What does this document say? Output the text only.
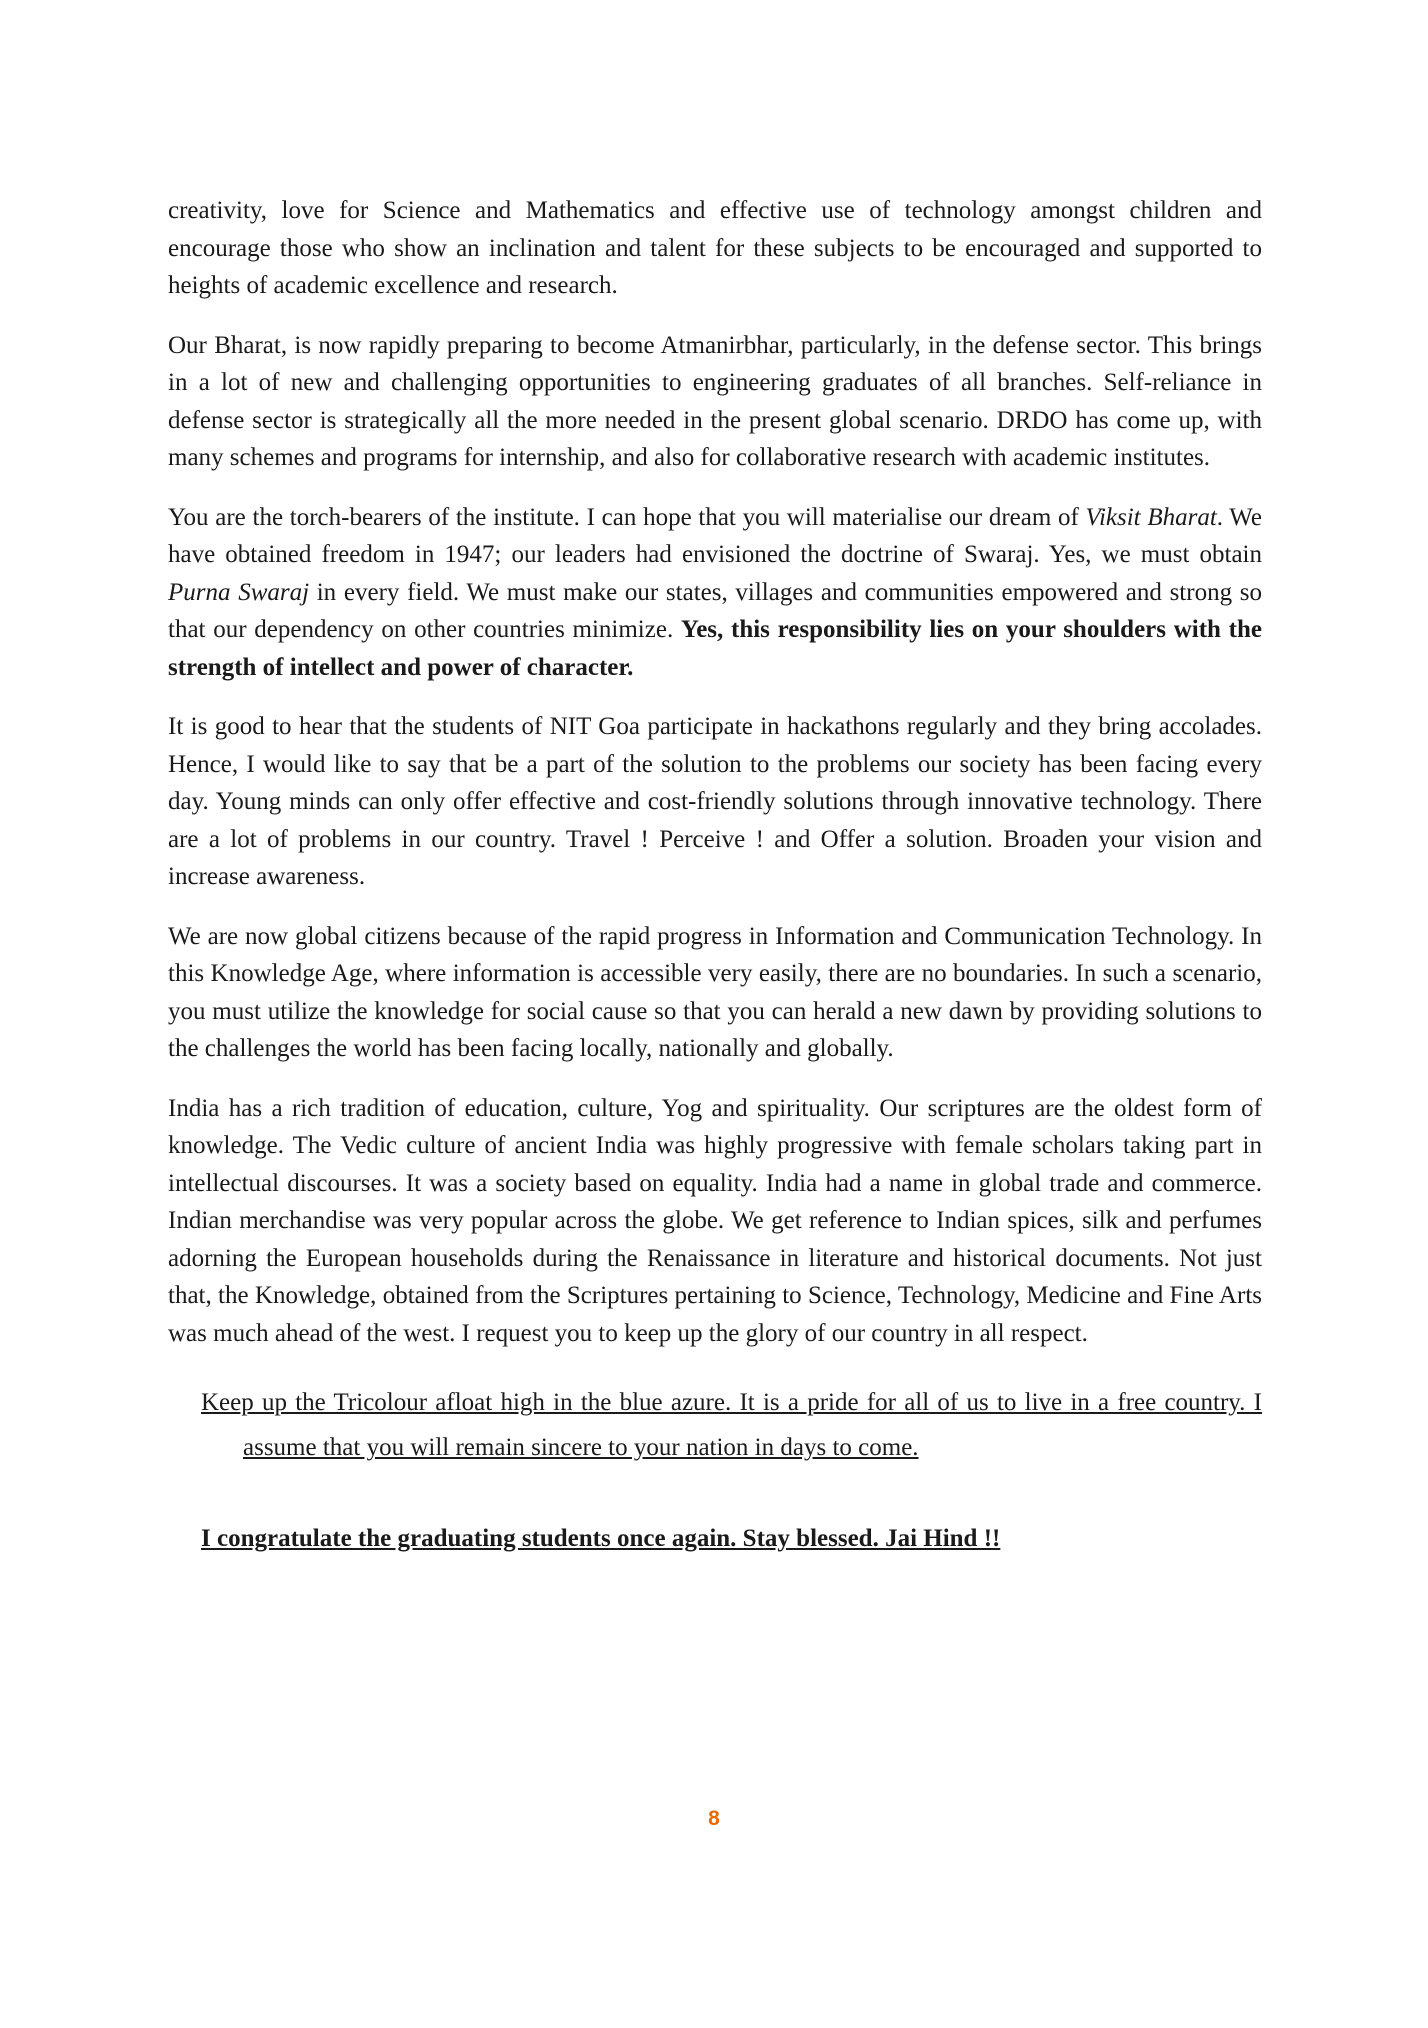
creativity, love for Science and Mathematics and effective use of technology amongst children and encourage those who show an inclination and talent for these subjects to be encouraged and supported to heights of academic excellence and research.

Our Bharat, is now rapidly preparing to become Atmanirbhar, particularly, in the defense sector. This brings in a lot of new and challenging opportunities to engineering graduates of all branches. Self-reliance in defense sector is strategically all the more needed in the present global scenario. DRDO has come up, with many schemes and programs for internship, and also for collaborative research with academic institutes.

You are the torch-bearers of the institute. I can hope that you will materialise our dream of Viksit Bharat. We have obtained freedom in 1947; our leaders had envisioned the doctrine of Swaraj. Yes, we must obtain Purna Swaraj in every field. We must make our states, villages and communities empowered and strong so that our dependency on other countries minimize. Yes, this responsibility lies on your shoulders with the strength of intellect and power of character.

It is good to hear that the students of NIT Goa participate in hackathons regularly and they bring accolades. Hence, I would like to say that be a part of the solution to the problems our society has been facing every day. Young minds can only offer effective and cost-friendly solutions through innovative technology. There are a lot of problems in our country. Travel ! Perceive ! and Offer a solution. Broaden your vision and increase awareness.

We are now global citizens because of the rapid progress in Information and Communication Technology. In this Knowledge Age, where information is accessible very easily, there are no boundaries. In such a scenario, you must utilize the knowledge for social cause so that you can herald a new dawn by providing solutions to the challenges the world has been facing locally, nationally and globally.

India has a rich tradition of education, culture, Yog and spirituality. Our scriptures are the oldest form of knowledge. The Vedic culture of ancient India was highly progressive with female scholars taking part in intellectual discourses. It was a society based on equality. India had a name in global trade and commerce. Indian merchandise was very popular across the globe. We get reference to Indian spices, silk and perfumes adorning the European households during the Renaissance in literature and historical documents. Not just that, the Knowledge, obtained from the Scriptures pertaining to Science, Technology, Medicine and Fine Arts was much ahead of the west. I request you to keep up the glory of our country in all respect.

Keep up the Tricolour afloat high in the blue azure. It is a pride for all of us to live in a free country. I assume that you will remain sincere to your nation in days to come.

I congratulate the graduating students once again. Stay blessed. Jai Hind !!

8
